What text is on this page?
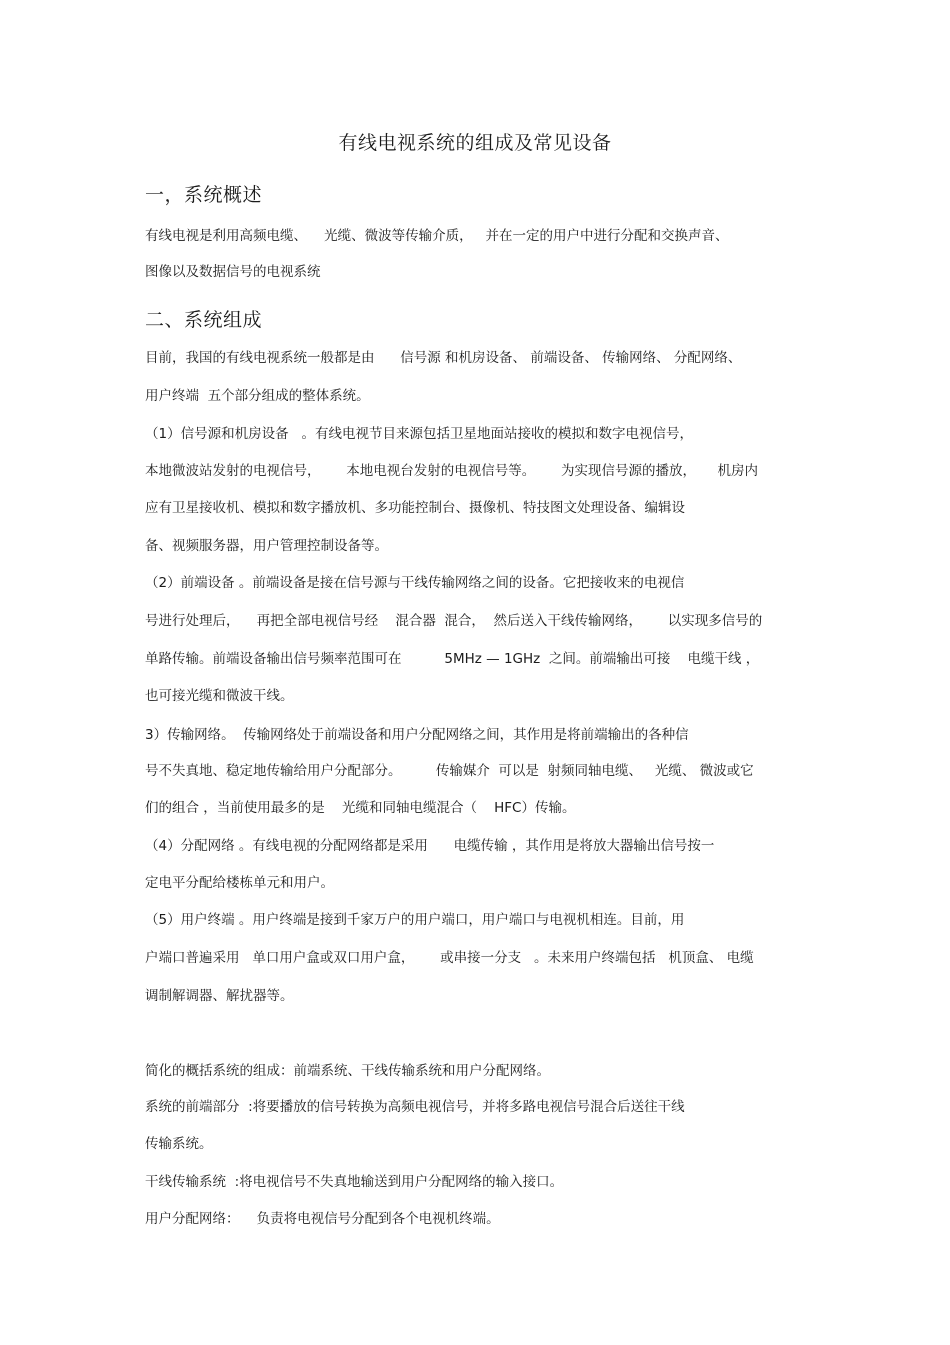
有线电视系统的组成及常见设备
一，系统概述
有线电视是利用高频电缆、    光缆、微波等传输介质，   并在一定的用户中进行分配和交换声音、
图像以及数据信号的电视系统
二、系统组成
目前，我国的有线电视系统一般都是由      信号源 和机房设备、 前端设备、 传输网络、 分配网络、
用户终端  五个部分组成的整体系统。
（1）信号源和机房设备   。有线电视节目来源包括卫星地面站接收的模拟和数字电视信号，
本地微波站发射的电视信号，      本地电视台发射的电视信号等。      为实现信号源的播放，     机房内
应有卫星接收机、模拟和数字播放机、多功能控制台、摄像机、特技图文处理设备、编辑设
备、视频服务器，用户管理控制设备等。
（2）前端设备 。前端设备是接在信号源与干线传输网络之间的设备。它把接收来的电视信
号进行处理后，    再把全部电视信号经    混合器  混合，  然后送入干线传输网络，      以实现多信号的
单路传输。前端设备输出信号频率范围可在          5MHz — 1GHz  之间。前端输出可接    电缆干线 ，
也可接光缆和微波干线。
3）传输网络。  传输网络处于前端设备和用户分配网络之间，其作用是将前端输出的各种信
号不失真地、稳定地传输给用户分配部分。        传输媒介  可以是  射频同轴电缆、   光缆、 微波或它
们的组合 ，当前使用最多的是    光缆和同轴电缆混合（    HFC）传输。
（4）分配网络 。有线电视的分配网络都是采用      电缆传输 ，其作用是将放大器输出信号按一
定电平分配给楼栋单元和用户。
（5）用户终端 。用户终端是接到千家万户的用户端口，用户端口与电视机相连。目前，用
户端口普遍采用   单口用户盒或双口用户盒，      或串接一分支   。未来用户终端包括   机顶盒、 电缆
调制解调器、解扰器等。
简化的概括系统的组成：前端系统、干线传输系统和用户分配网络。
系统的前端部分  :将要播放的信号转换为高频电视信号，并将多路电视信号混合后送往干线
传输系统。
干线传输系统  :将电视信号不失真地输送到用户分配网络的输入接口。
用户分配网络：    负责将电视信号分配到各个电视机终端。
